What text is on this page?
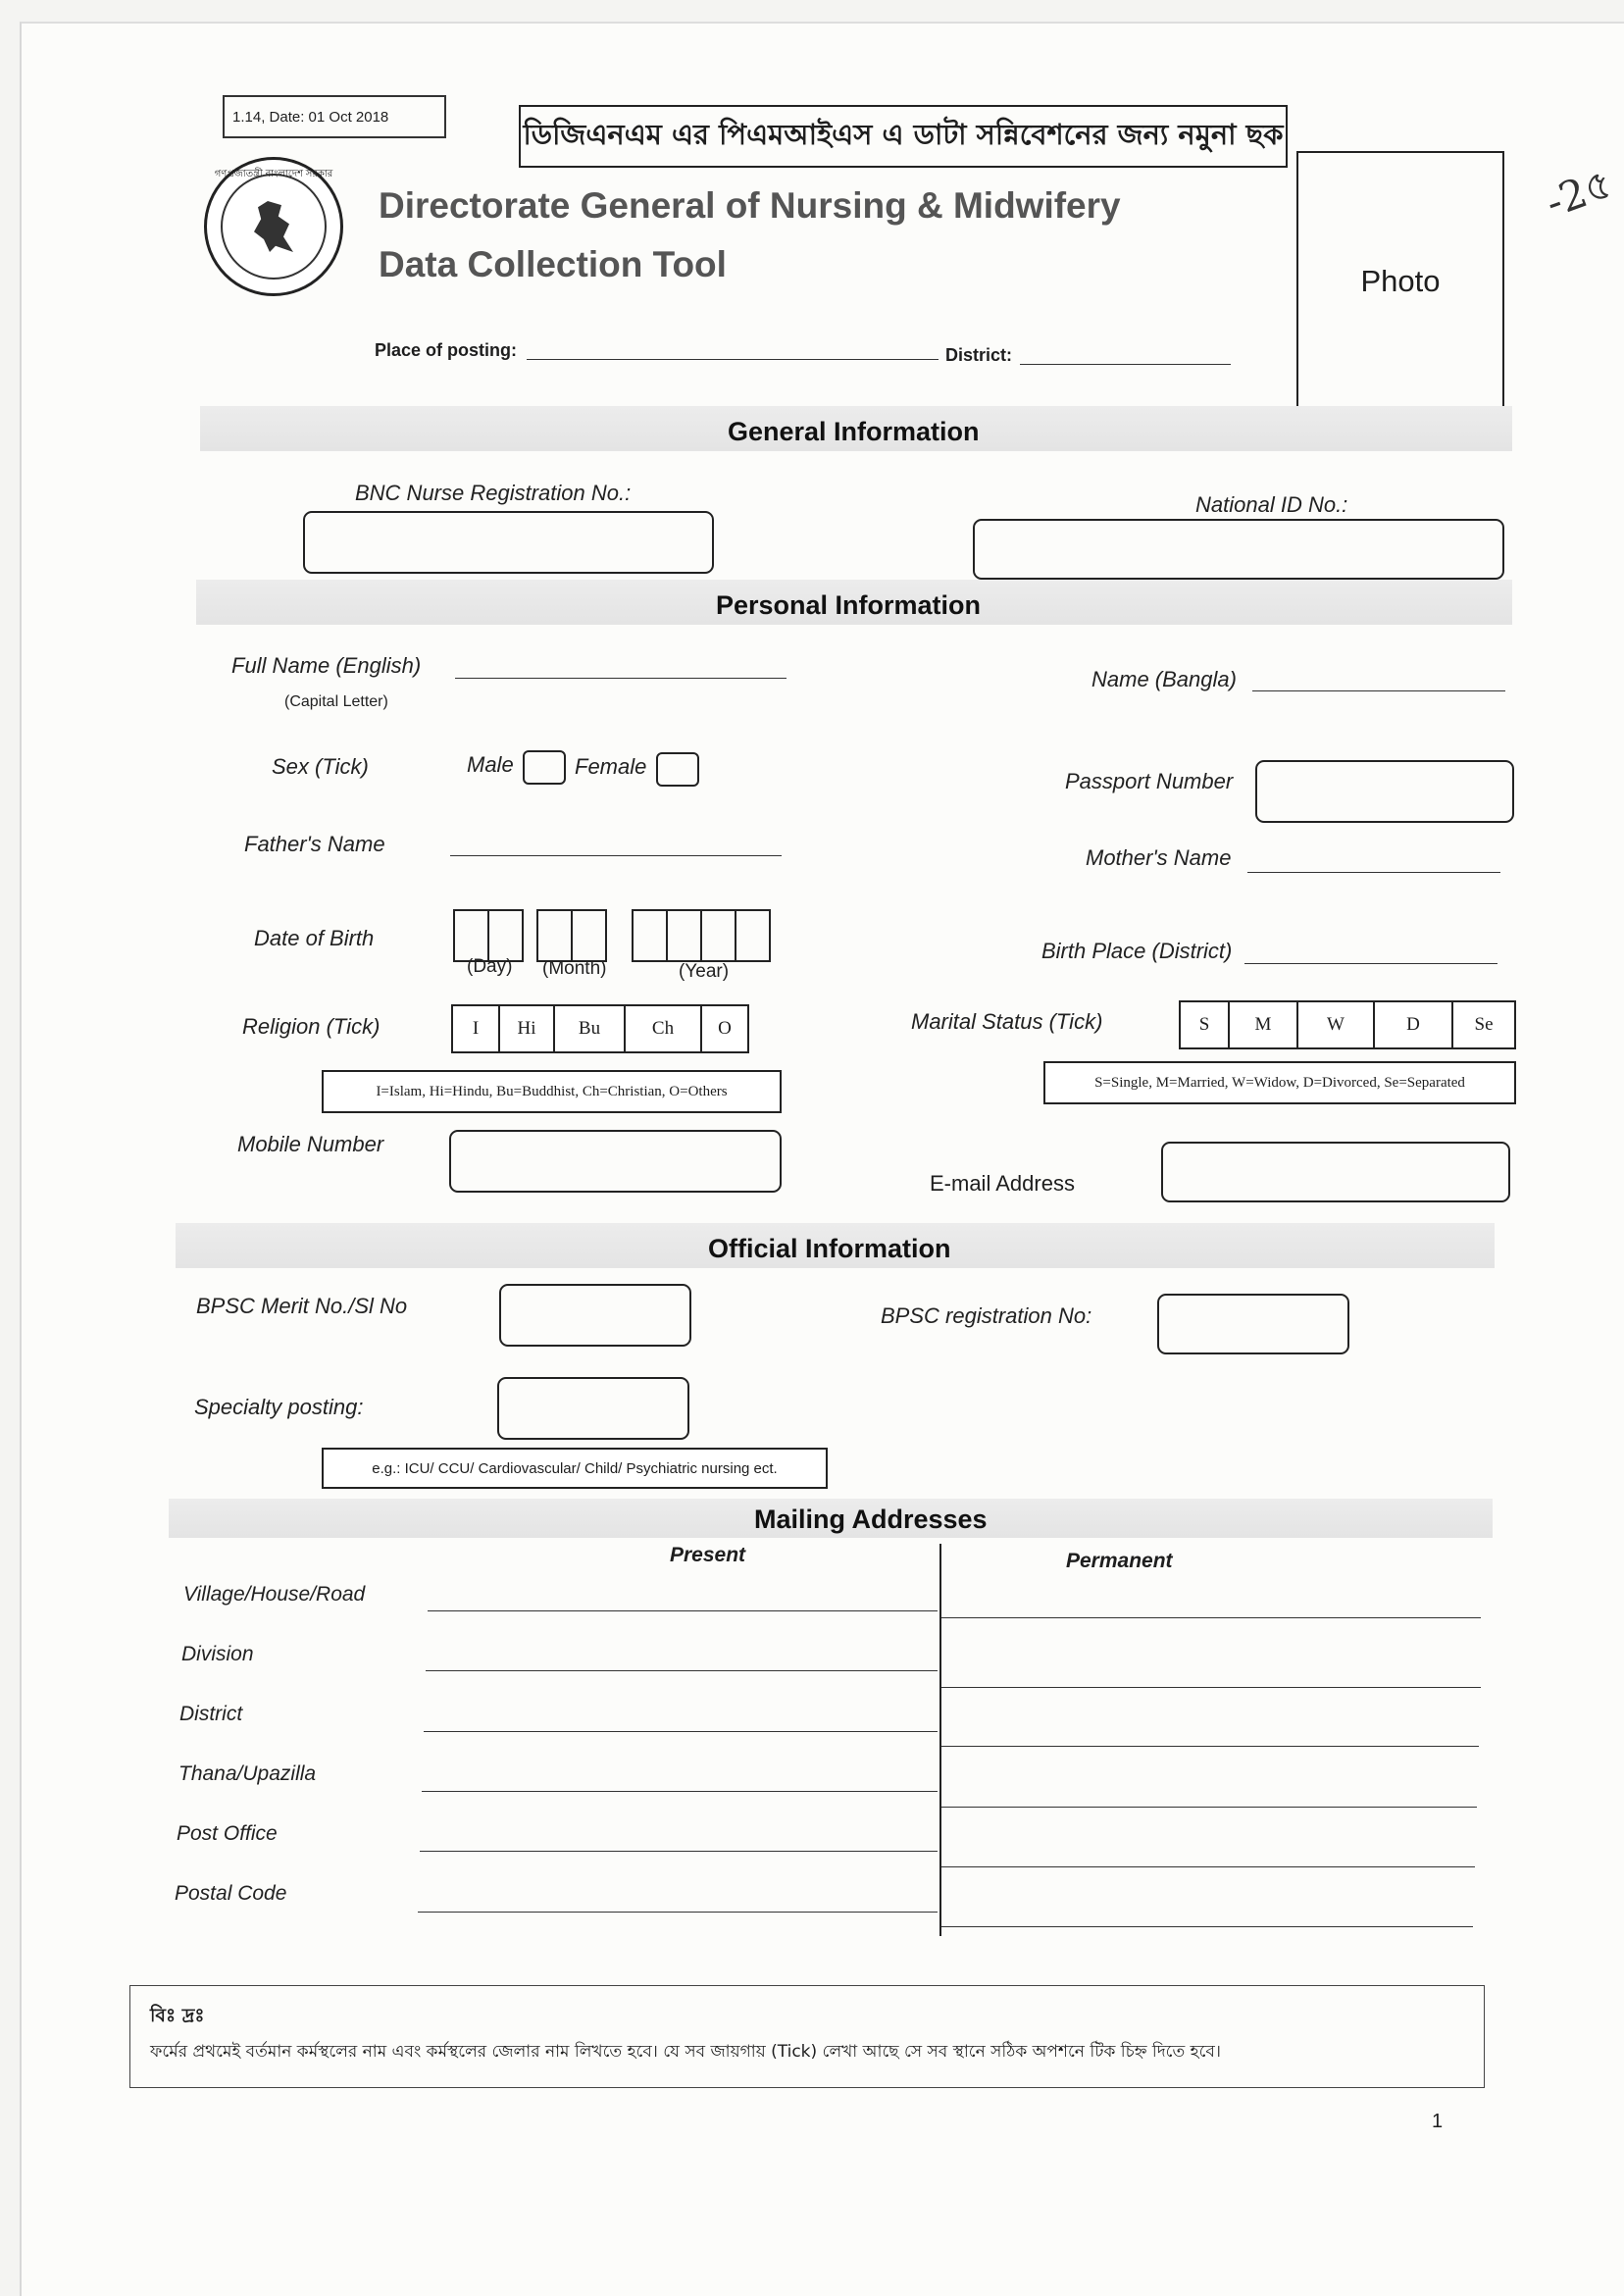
1.14, Date: 01 Oct 2018
ডিজিএনএম এর পিএমআইএস এ ডাটা সন্নিবেশনের জন্য নমুনা ছক
গণপ্রজাতন্ত্রী বাংলাদেশ সরকার
Directorate General of Nursing & Midwifery
Data Collection Tool	Photo
-2৫
Place of posting:	District:
General Information
BNC Nurse Registration No.:	National ID No.:
Personal Information
Full Name (English)
(Capital Letter)
Name (Bangla)
Sex (Tick)	Male	Female
Passport Number
Father's Name
Mother's Name
Date of Birth
(Day) (Month)	(Year)
Birth Place (District)
Religion (Tick)	I	Hi	Bu	Ch	O
I=Islam, Hi=Hindu, Bu=Buddhist, Ch=Christian, O=Others
Marital Status (Tick)	S	M	W	D	Se
S=Single, M=Married, W=Widow, D=Divorced, Se=Separated
Mobile Number
E-mail Address
Official Information
BPSC Merit No./Sl No	BPSC registration No:
Specialty posting:
e.g.: ICU/ CCU/ Cardiovascular/ Child/ Psychiatric nursing ect.
Mailing Addresses
Present	Permanent
Village/House/Road
Division
District
Thana/Upazilla
Post Office
Postal Code
বিঃ দ্রঃ
ফর্মের প্রথমেই বর্তমান কর্মস্থলের নাম এবং কর্মস্থলের জেলার নাম লিখতে হবে। যে সব জায়গায় (Tick) লেখা আছে সে সব স্থানে সঠিক অপশনে টিক চিহ্ন দিতে হবে।
1
